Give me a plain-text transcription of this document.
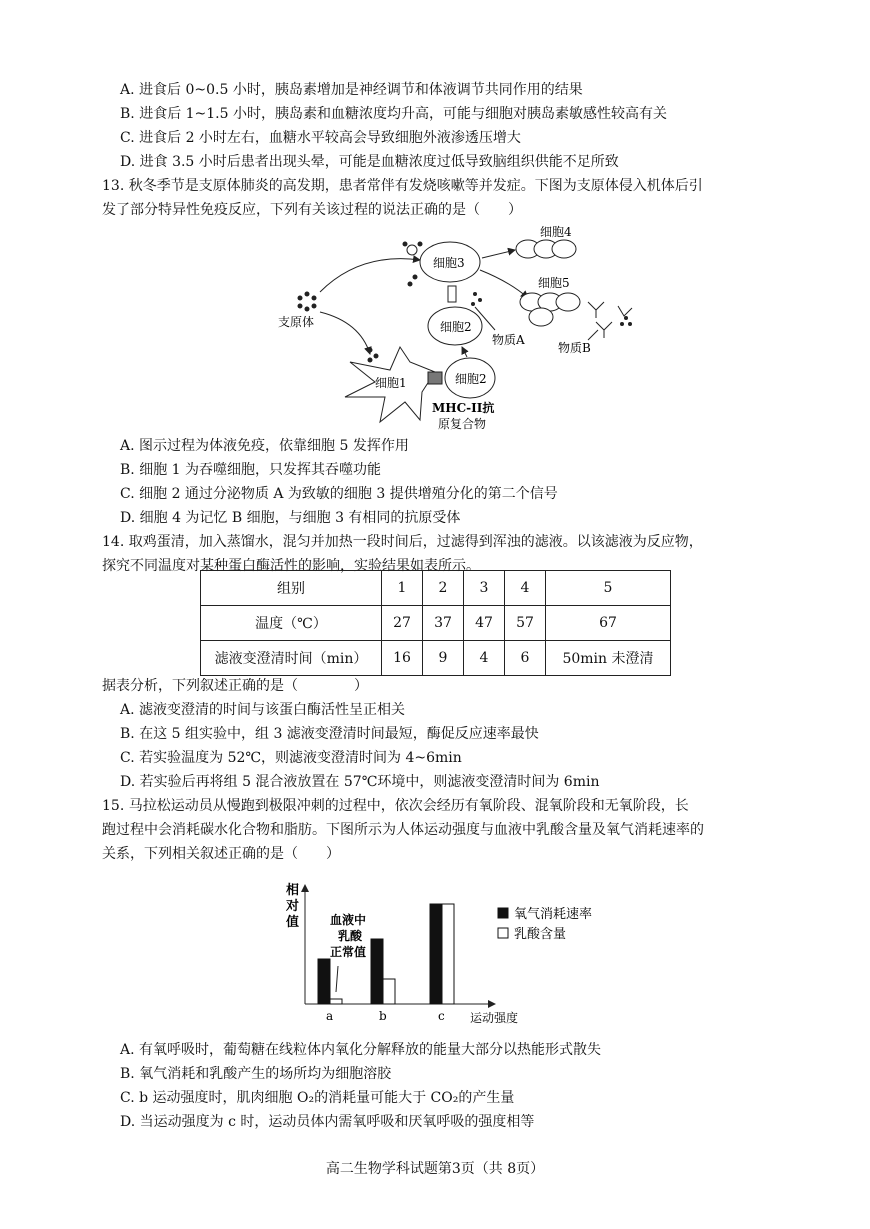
A. 进食后 0~0.5 小时，胰岛素增加是神经调节和体液调节共同作用的结果
B. 进食后 1~1.5 小时，胰岛素和血糖浓度均升高，可能与细胞对胰岛素敏感性较高有关
C. 进食后 2 小时左右，血糖水平较高会导致细胞外液渗透压增大
D. 进食 3.5 小时后患者出现头晕，可能是血糖浓度过低导致脑组织供能不足所致
13. 秋冬季节是支原体肺炎的高发期，患者常伴有发烧咳嗽等并发症。下图为支原体侵入机体后引
发了部分特异性免疫反应，下列有关该过程的说法正确的是（　　）
支原体
细胞3
细胞2
物质A
细胞1	细胞2
MHC-II抗
原复合物
细胞4
细胞5
物质B
A. 图示过程为体液免疫，依靠细胞 5 发挥作用
B. 细胞 1 为吞噬细胞，只发挥其吞噬功能
C. 细胞 2 通过分泌物质 A 为致敏的细胞 3 提供增殖分化的第二个信号
D. 细胞 4 为记忆 B 细胞，与细胞 3 有相同的抗原受体
14. 取鸡蛋清，加入蒸馏水，混匀并加热一段时间后，过滤得到浑浊的滤液。以该滤液为反应物，
探究不同温度对某种蛋白酶活性的影响，实验结果如表所示。
组别	1	2	3	4	5
温度（℃）	27	37	47	57	67
滤液变澄清时间（min）	16	9	4	6	50min 未澄清
据表分析，下列叙述正确的是（　　　　）
A. 滤液变澄清的时间与该蛋白酶活性呈正相关
B. 在这 5 组实验中，组 3 滤液变澄清时间最短，酶促反应速率最快
C. 若实验温度为 52℃，则滤液变澄清时间为 4~6min
D. 若实验后再将组 5 混合液放置在 57℃环境中，则滤液变澄清时间为 6min
15. 马拉松运动员从慢跑到极限冲刺的过程中，依次会经历有氧阶段、混氧阶段和无氧阶段，长
跑过程中会消耗碳水化合物和脂肪。下图所示为人体运动强度与血液中乳酸含量及氧气消耗速率的
关系，下列相关叙述正确的是（　　）
相
对
值
运动强度
血液中
乳酸
正常值
a	b	c
氧气消耗速率
乳酸含量
A. 有氧呼吸时，葡萄糖在线粒体内氧化分解释放的能量大部分以热能形式散失
B. 氧气消耗和乳酸产生的场所均为细胞溶胶
C. b 运动强度时，肌肉细胞 O₂的消耗量可能大于 CO₂的产生量
D. 当运动强度为 c 时，运动员体内需氧呼吸和厌氧呼吸的强度相等
高二生物学科试题第3页（共 8页）
